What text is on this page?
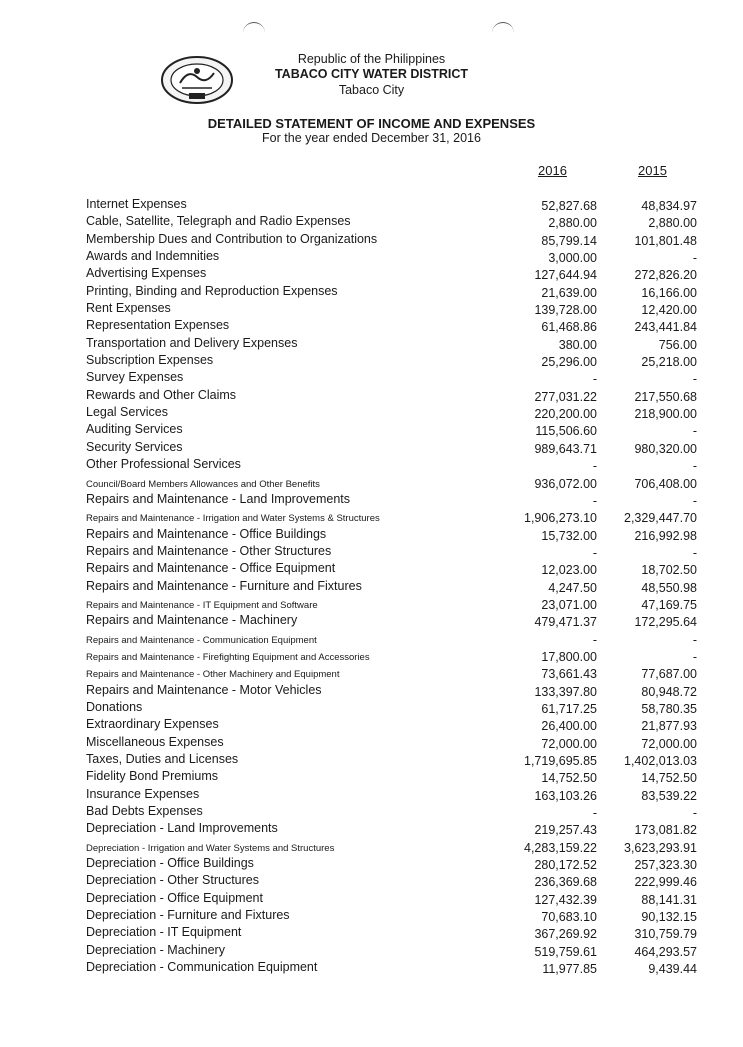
Republic of the Philippines
TABACO CITY WATER DISTRICT
Tabaco City
DETAILED STATEMENT OF INCOME AND EXPENSES
For the year ended December 31, 2016
2016	2015
Internet Expenses	52,827.68	48,834.97
Cable, Satellite, Telegraph and Radio Expenses	2,880.00	2,880.00
Membership Dues and Contribution to Organizations	85,799.14	101,801.48
Awards and Indemnities	3,000.00	-
Advertising Expenses	127,644.94	272,826.20
Printing, Binding and Reproduction Expenses	21,639.00	16,166.00
Rent Expenses	139,728.00	12,420.00
Representation Expenses	61,468.86	243,441.84
Transportation and Delivery Expenses	380.00	756.00
Subscription Expenses	25,296.00	25,218.00
Survey Expenses	-	-
Rewards and Other Claims	277,031.22	217,550.68
Legal Services	220,200.00	218,900.00
Auditing Services	115,506.60	-
Security Services	989,643.71	980,320.00
Other Professional Services	-	-
Council/Board Members Allowances and Other Benefits	936,072.00	706,408.00
Repairs and Maintenance - Land Improvements	-	-
Repairs and Maintenance - Irrigation and Water Systems & Structures	1,906,273.10 2,329,447.70
Repairs and Maintenance - Office Buildings	15,732.00	216,992.98
Repairs and Maintenance - Other Structures	-	-
Repairs and Maintenance - Office Equipment	12,023.00	18,702.50
Repairs and Maintenance - Furniture and Fixtures	4,247.50	48,550.98
Repairs and Maintenance - IT Equipment and Software	23,071.00	47,169.75
Repairs and Maintenance - Machinery	479,471.37	172,295.64
Repairs and Maintenance - Communication Equipment	-	-
Repairs and Maintenance - Firefighting Equipment and Accessories	17,800.00	-
Repairs and Maintenance - Other Machinery and Equipment	73,661.43	77,687.00
Repairs and Maintenance - Motor Vehicles	133,397.80	80,948.72
Donations	61,717.25	58,780.35
Extraordinary Expenses	26,400.00	21,877.93
Miscellaneous Expenses	72,000.00	72,000.00
Taxes, Duties and Licenses	1,719,695.85 1,402,013.03
Fidelity Bond Premiums	14,752.50	14,752.50
Insurance Expenses	163,103.26	83,539.22
Bad Debts Expenses	-	-
Depreciation - Land Improvements	219,257.43	173,081.82
Depreciation - Irrigation and Water Systems and Structures	4,283,159.22 3,623,293.91
Depreciation - Office Buildings	280,172.52	257,323.30
Depreciation - Other Structures	236,369.68	222,999.46
Depreciation - Office Equipment	127,432.39	88,141.31
Depreciation - Furniture and Fixtures	70,683.10	90,132.15
Depreciation - IT Equipment	367,269.92	310,759.79
Depreciation - Machinery	519,759.61	464,293.57
Depreciation - Communication Equipment	11,977.85	9,439.44
